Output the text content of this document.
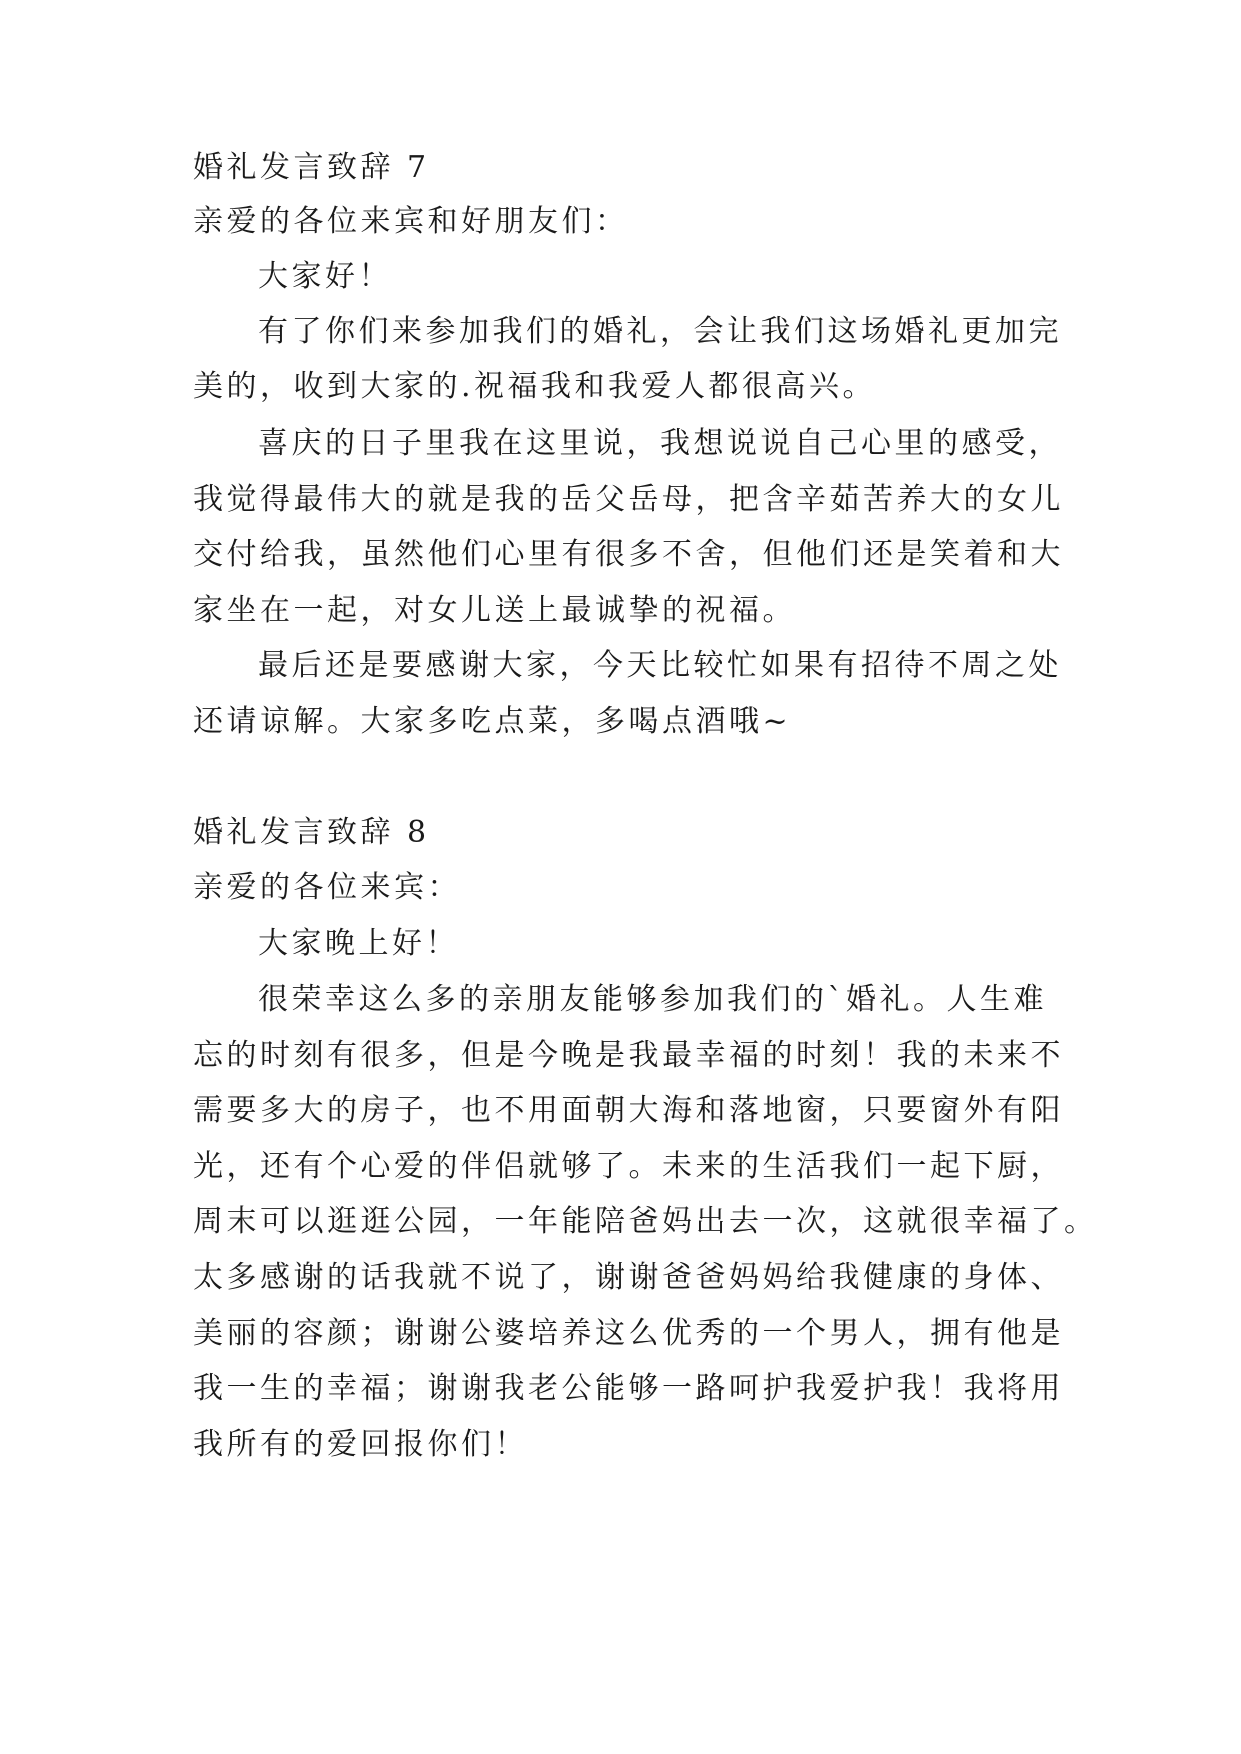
婚礼发言致辞 7
亲爱的各位来宾和好朋友们：
大家好！
有了你们来参加我们的婚礼，会让我们这场婚礼更加完
美的，收到大家的.祝福我和我爱人都很高兴。
喜庆的日子里我在这里说，我想说说自己心里的感受，
我觉得最伟大的就是我的岳父岳母，把含辛茹苦养大的女儿
交付给我，虽然他们心里有很多不舍，但他们还是笑着和大
家坐在一起，对女儿送上最诚挚的祝福。
最后还是要感谢大家，今天比较忙如果有招待不周之处
还请谅解。大家多吃点菜，多喝点酒哦~
婚礼发言致辞 8
亲爱的各位来宾：
大家晚上好！
很荣幸这么多的亲朋友能够参加我们的`婚礼。人生难
忘的时刻有很多，但是今晚是我最幸福的时刻！我的未来不
需要多大的房子，也不用面朝大海和落地窗，只要窗外有阳
光，还有个心爱的伴侣就够了。未来的生活我们一起下厨，
周末可以逛逛公园，一年能陪爸妈出去一次，这就很幸福了。
太多感谢的话我就不说了，谢谢爸爸妈妈给我健康的身体、
美丽的容颜；谢谢公婆培养这么优秀的一个男人，拥有他是
我一生的幸福；谢谢我老公能够一路呵护我爱护我！我将用
我所有的爱回报你们！
